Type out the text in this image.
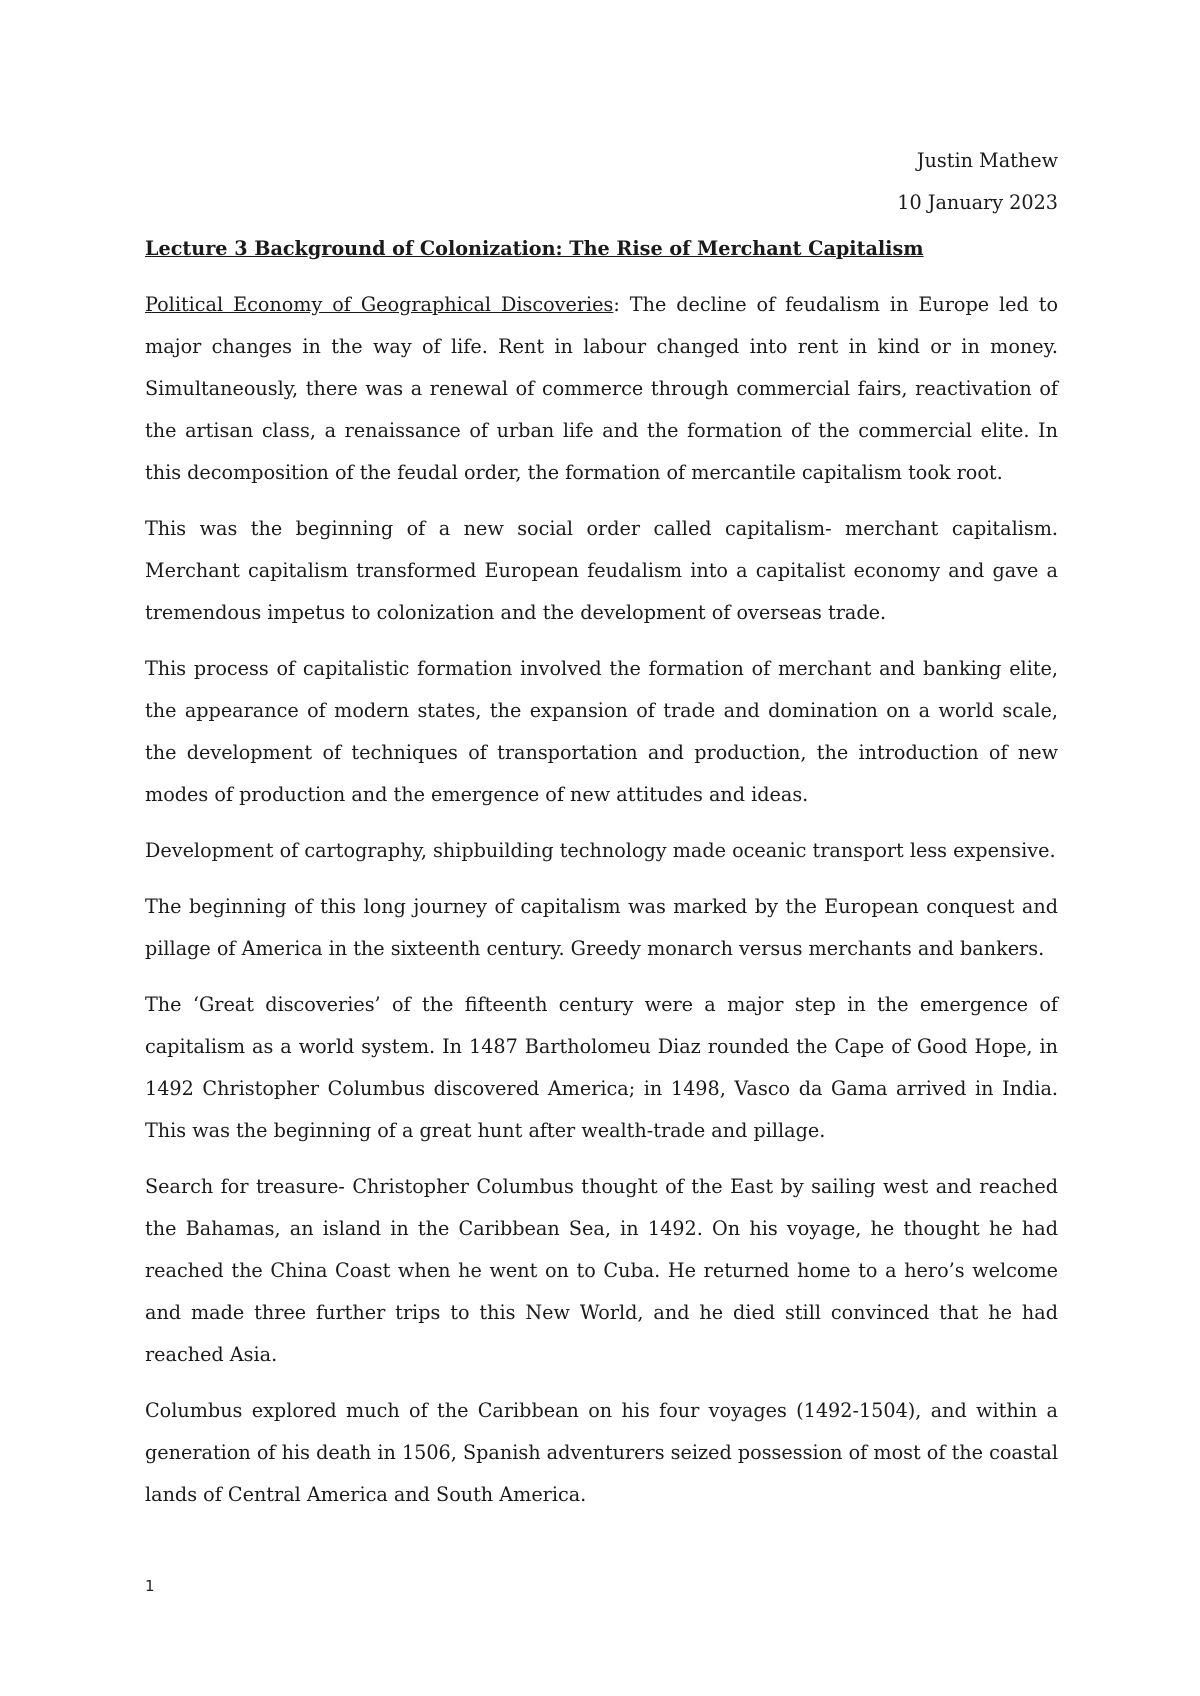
Justin Mathew
10 January 2023
Lecture 3 Background of Colonization: The Rise of Merchant Capitalism

Political Economy of Geographical Discoveries: The decline of feudalism in Europe led to major changes in the way of life. Rent in labour changed into rent in kind or in money. Simultaneously, there was a renewal of commerce through commercial fairs, reactivation of the artisan class, a renaissance of urban life and the formation of the commercial elite. In this decomposition of the feudal order, the formation of mercantile capitalism took root.

This was the beginning of a new social order called capitalism- merchant capitalism. Merchant capitalism transformed European feudalism into a capitalist economy and gave a tremendous impetus to colonization and the development of overseas trade.

This process of capitalistic formation involved the formation of merchant and banking elite, the appearance of modern states, the expansion of trade and domination on a world scale, the development of techniques of transportation and production, the introduction of new modes of production and the emergence of new attitudes and ideas.

Development of cartography, shipbuilding technology made oceanic transport less expensive.

The beginning of this long journey of capitalism was marked by the European conquest and pillage of America in the sixteenth century. Greedy monarch versus merchants and bankers.

The ‘Great discoveries’ of the fifteenth century were a major step in the emergence of capitalism as a world system. In 1487 Bartholomeu Diaz rounded the Cape of Good Hope, in 1492 Christopher Columbus discovered America; in 1498, Vasco da Gama arrived in India. This was the beginning of a great hunt after wealth-trade and pillage.

Search for treasure- Christopher Columbus thought of the East by sailing west and reached the Bahamas, an island in the Caribbean Sea, in 1492. On his voyage, he thought he had reached the China Coast when he went on to Cuba. He returned home to a hero’s welcome and made three further trips to this New World, and he died still convinced that he had reached Asia.

Columbus explored much of the Caribbean on his four voyages (1492-1504), and within a generation of his death in 1506, Spanish adventurers seized possession of most of the coastal lands of Central America and South America.

1
